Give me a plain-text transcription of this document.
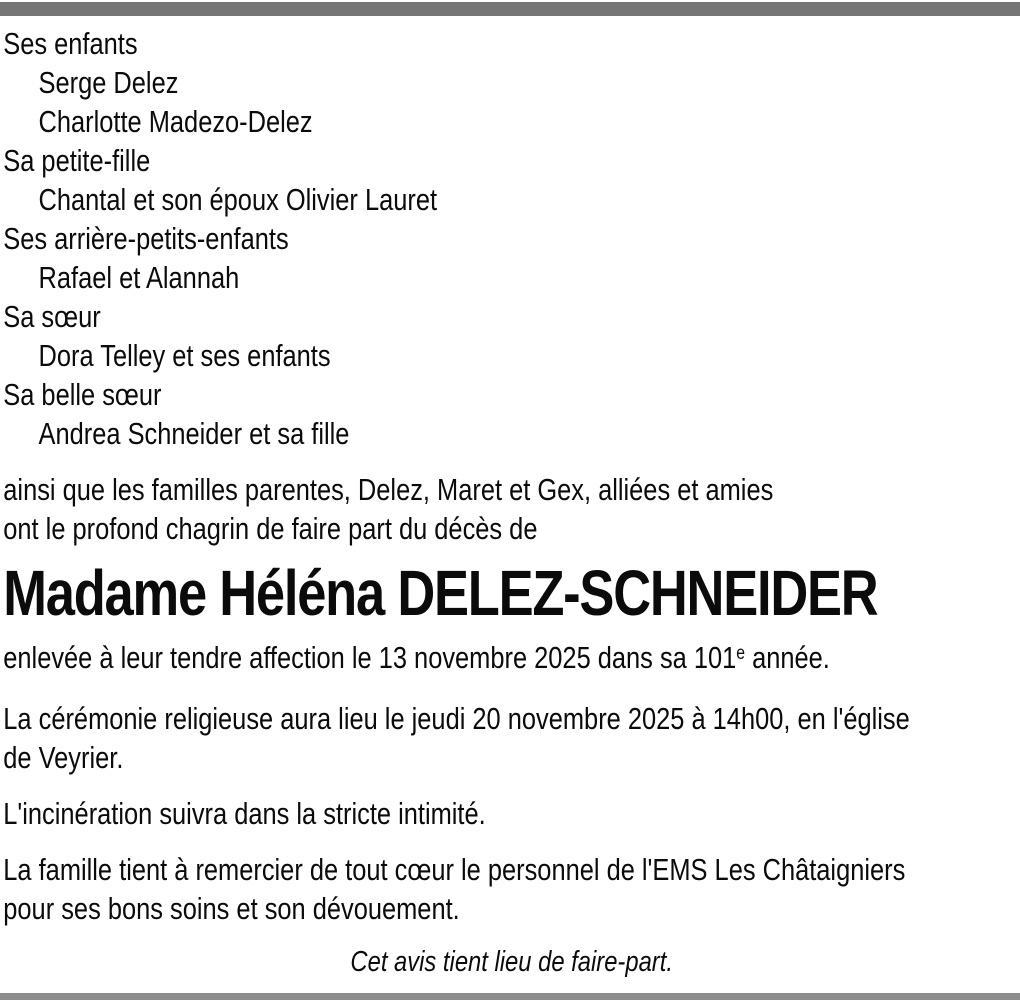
Ses enfants
Serge Delez
Charlotte Madezo-Delez
Sa petite-fille
Chantal et son époux Olivier Lauret
Ses arrière-petits-enfants
Rafael et Alannah
Sa sœur
Dora Telley et ses enfants
Sa belle sœur
Andrea Schneider et sa fille
ainsi que les familles parentes, Delez, Maret et Gex, alliées et amies
ont le profond chagrin de faire part du décès de
Madame Héléna DELEZ-SCHNEIDER
enlevée à leur tendre affection le 13 novembre 2025 dans sa 101e année.
La cérémonie religieuse aura lieu le jeudi 20 novembre 2025 à 14h00, en l'église
de Veyrier.
L'incinération suivra dans la stricte intimité.
La famille tient à remercier de tout cœur le personnel de l'EMS Les Châtaigniers
pour ses bons soins et son dévouement.
Cet avis tient lieu de faire-part.
